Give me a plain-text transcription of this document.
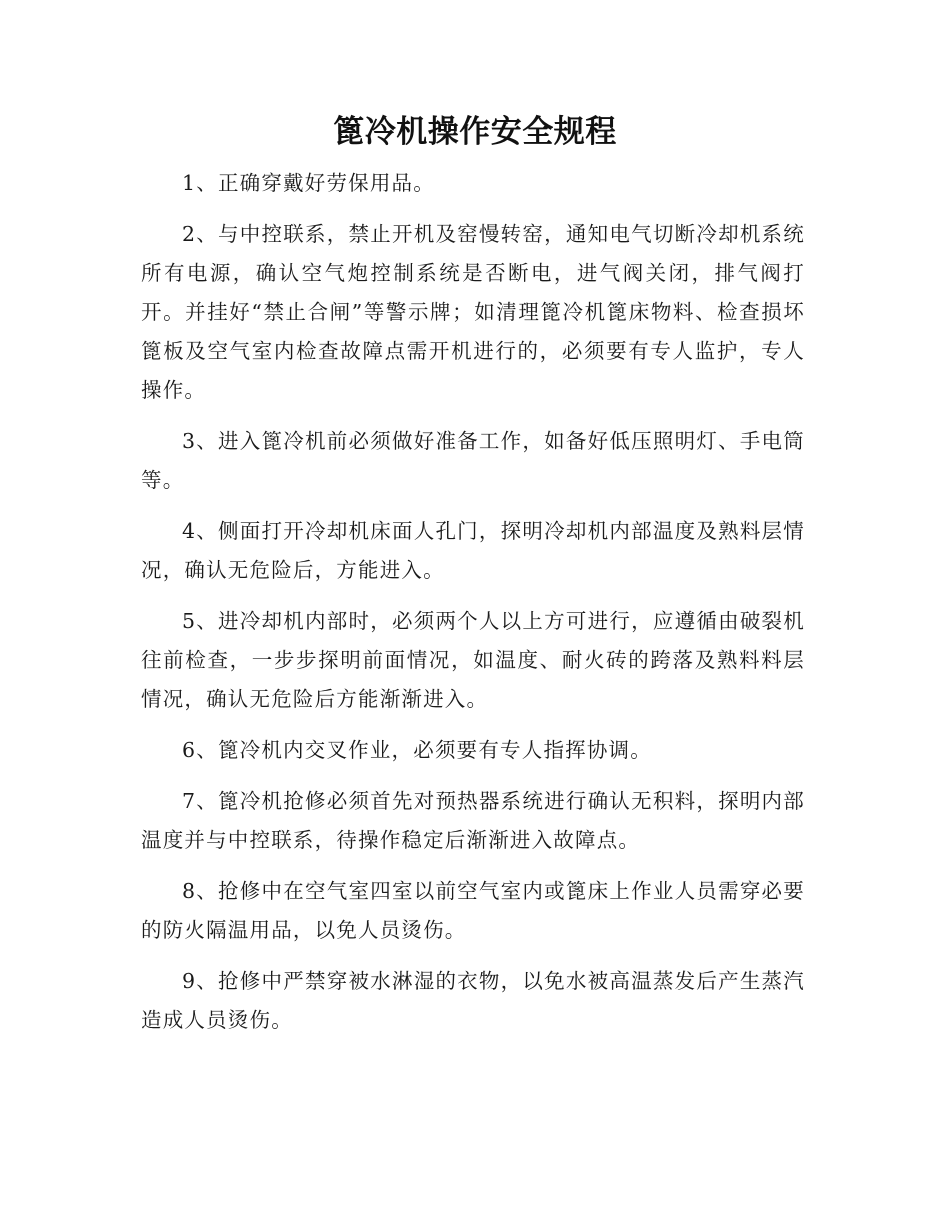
篦冷机操作安全规程

1、正确穿戴好劳保用品。

2、与中控联系，禁止开机及窑慢转窑，通知电气切断冷却机系统所有电源，确认空气炮控制系统是否断电，进气阀关闭，排气阀打开。并挂好“禁止合闸”等警示牌；如清理篦冷机篦床物料、检查损坏篦板及空气室内检查故障点需开机进行的，必须要有专人监护，专人操作。

3、进入篦冷机前必须做好准备工作，如备好低压照明灯、手电筒等。

4、侧面打开冷却机床面人孔门，探明冷却机内部温度及熟料层情况，确认无危险后，方能进入。

5、进冷却机内部时，必须两个人以上方可进行，应遵循由破裂机往前检查，一步步探明前面情况，如温度、耐火砖的跨落及熟料料层情况，确认无危险后方能渐渐进入。

6、篦冷机内交叉作业，必须要有专人指挥协调。

7、篦冷机抢修必须首先对预热器系统进行确认无积料，探明内部温度并与中控联系，待操作稳定后渐渐进入故障点。

8、抢修中在空气室四室以前空气室内或篦床上作业人员需穿必要的防火隔温用品，以免人员烫伤。

9、抢修中严禁穿被水淋湿的衣物，以免水被高温蒸发后产生蒸汽造成人员烫伤。
